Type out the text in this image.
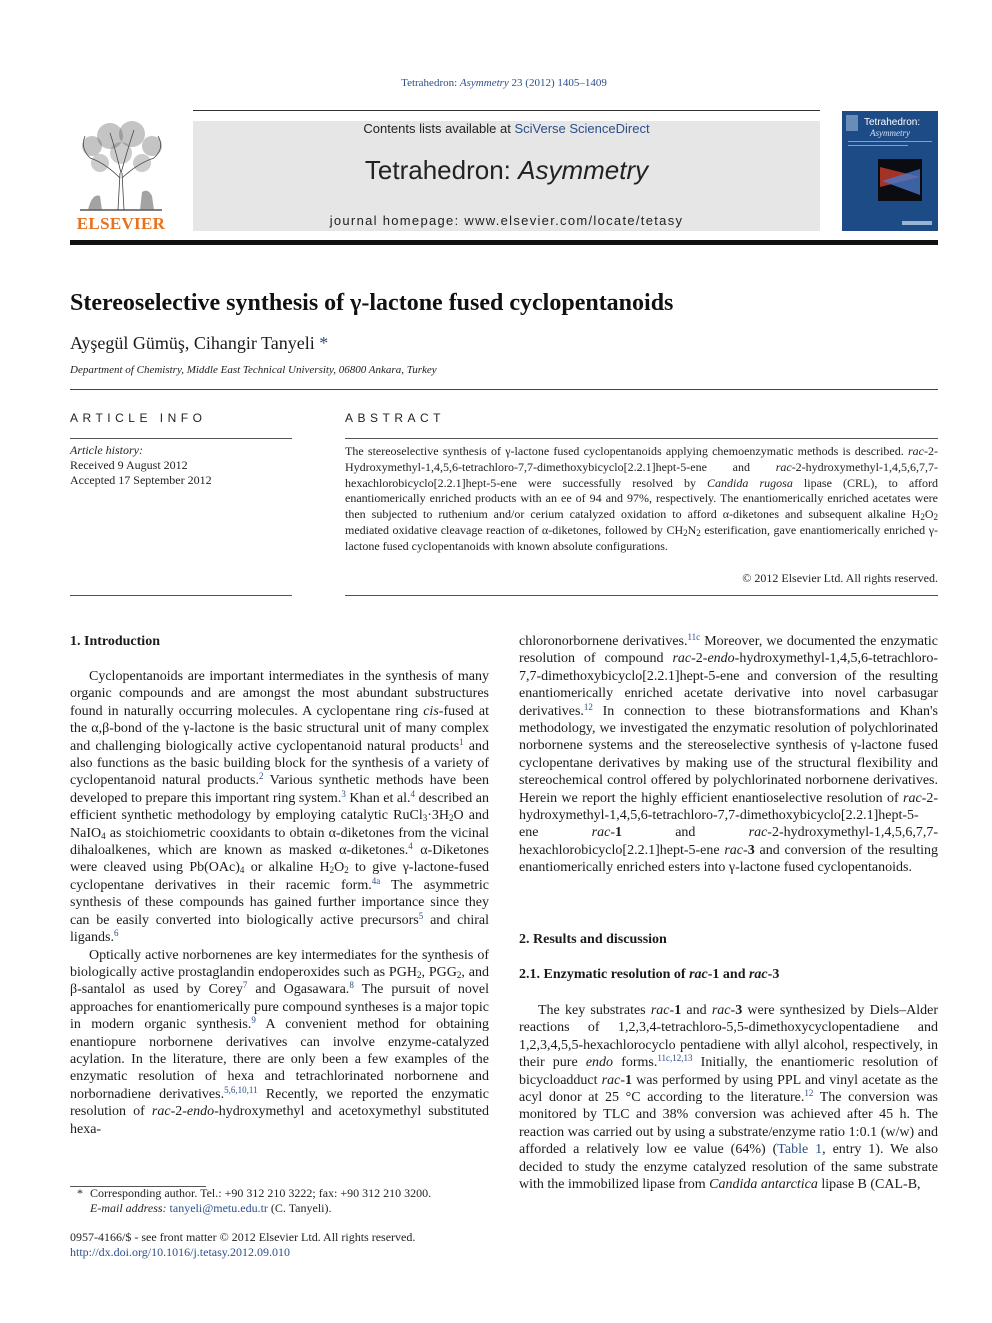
Tetrahedron: Asymmetry 23 (2012) 1405–1409
ELSEVIER
Contents lists available at SciVerse ScienceDirect
Tetrahedron: Asymmetry
journal homepage: www.elsevier.com/locate/tetasy
Tetrahedron:
Asymmetry
Stereoselective synthesis of γ-lactone fused cyclopentanoids
Ayşegül Gümüş, Cihangir Tanyeli *
Department of Chemistry, Middle East Technical University, 06800 Ankara, Turkey
ARTICLE INFO	ABSTRACT
Article history:
Received 9 August 2012
Accepted 17 September 2012
The stereoselective synthesis of γ-lactone fused cyclopentanoids applying chemoenzymatic methods is described. rac-2-Hydroxymethyl-1,4,5,6-tetrachloro-7,7-dimethoxybicyclo[2.2.1]hept-5-ene and rac-2-hydroxymethyl-1,4,5,6,7,7-hexachlorobicyclo[2.2.1]hept-5-ene were successfully resolved by Candida rugosa lipase (CRL), to afford enantiomerically enriched products with an ee of 94 and 97%, respectively. The enantiomerically enriched acetates were then subjected to ruthenium and/or cerium catalyzed oxidation to afford α-diketones and subsequent alkaline $H_2O_2$ mediated oxidative cleavage reaction of α-diketones, followed by $CH_2N_2$ esterification, gave enantiomerically enriched γ-lactone fused cyclopentanoids with known absolute configurations.
© 2012 Elsevier Ltd. All rights reserved.
1. Introduction

Cyclopentanoids are important intermediates in the synthesis of many organic compounds and are amongst the most abundant substructures found in naturally occurring molecules. A cyclopentane ring cis-fused at the α,β-bond of the γ-lactone is the basic structural unit of many complex and challenging biologically active cyclopentanoid natural products$^1$ and also functions as the basic building block for the synthesis of a variety of cyclopentanoid natural products.$^2$ Various synthetic methods have been developed to prepare this important ring system.$^3$ Khan et al.$^4$ described an efficient synthetic methodology by employing catalytic $RuCl_3\cdot 3H_2O$ and NaIO$_4$ as stoichiometric cooxidants to obtain α-diketones from the vicinal dihaloalkenes, which are known as masked α-diketones.$^4$ α-Diketones were cleaved using $Pb(OAc)_4$ or alkaline $H_2O_2$ to give γ-lactone-fused cyclopentane derivatives in their racemic form.$^{4a}$ The asymmetric synthesis of these compounds has gained further importance since they can be easily converted into biologically active precursors$^5$ and chiral ligands.$^6$

Optically active norbornenes are key intermediates for the synthesis of biologically active prostaglandin endoperoxides such as $PGH_2$, $PGG_2$, and β-santalol as used by Corey$^7$ and Ogasawara.$^8$ The pursuit of novel approaches for enantiomerically pure compound syntheses is a major topic in modern organic synthesis.$^9$ A convenient method for obtaining enantiopure norbornene derivatives can involve enzyme-catalyzed acylation. In the literature, there are only been a few examples of the enzymatic resolution of hexa and tetrachlorinated norbornene and norbornadiene derivatives.$^{5,6,10,11}$ Recently, we reported the enzymatic resolution of rac-2-endo-hydroxymethyl and acetoxymethyl substituted hexa-

chloronorbornene derivatives.$^{11c}$ Moreover, we documented the enzymatic resolution of compound rac-2-endo-hydroxymethyl-1,4,5,6-tetrachloro-7,7-dimethoxybicyclo[2.2.1]hept-5-ene and conversion of the resulting enantiomerically enriched acetate derivative into novel carbasugar derivatives.$^{12}$ In connection to these biotransformations and Khan's methodology, we investigated the enzymatic resolution of polychlorinated norbornene systems and the stereoselective synthesis of γ-lactone fused cyclopentane derivatives by making use of the structural flexibility and stereochemical control offered by polychlorinated norbornene derivatives. Herein we report the highly efficient enantioselective resolution of rac-2-hydroxymethyl-1,4,5,6-tetrachloro-7,7-dimethoxybicyclo[2.2.1]hept-5-ene rac-1 and rac-2-hydroxymethyl-1,4,5,6,7,7-hexachlorobicyclo[2.2.1]hept-5-ene rac-3 and conversion of the resulting enantiomerically enriched esters into γ-lactone fused cyclopentanoids.

2. Results and discussion
2.1. Enzymatic resolution of rac-1 and rac-3

The key substrates rac-1 and rac-3 were synthesized by Diels–Alder reactions of 1,2,3,4-tetrachloro-5,5-dimethoxycyclopentadiene and 1,2,3,4,5,5-hexachlorocyclo pentadiene with allyl alcohol, respectively, in their pure endo forms.$^{11c,12,13}$ Initially, the enantiomeric resolution of bicycloadduct rac-1 was performed by using PPL and vinyl acetate as the acyl donor at 25 °C according to the literature.$^{12}$ The conversion was monitored by TLC and 38% conversion was achieved after 45 h. The reaction was carried out by using a substrate/enzyme ratio 1:0.1 (w/w) and afforded a relatively low ee value (64%) (Table 1, entry 1). We also decided to study the enzyme catalyzed resolution of the same substrate with the immobilized lipase from Candida antarctica lipase B (CAL-B,

* Corresponding author. Tel.: +90 312 210 3222; fax: +90 312 210 3200.
E-mail address: tanyeli@metu.edu.tr (C. Tanyeli).
0957-4166/$ - see front matter © 2012 Elsevier Ltd. All rights reserved.
http://dx.doi.org/10.1016/j.tetasy.2012.09.010
